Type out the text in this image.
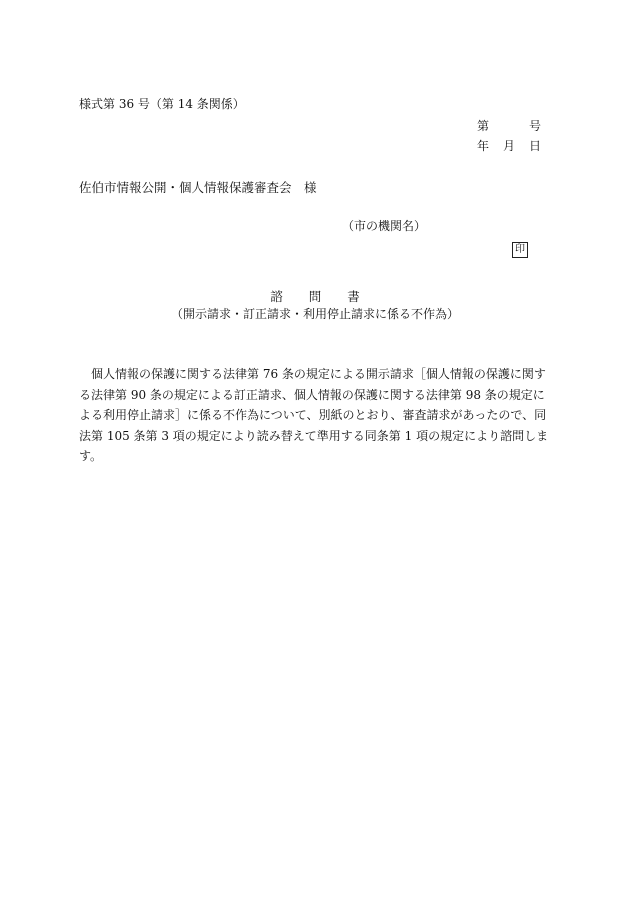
様式第 36 号（第 14 条関係）
第	号
年 月 日
佐伯市情報公開・個人情報保護審査会　様
（市の機関名）
印
諮 問 書
（開示請求・訂正請求・利用停止請求に係る不作為）

　個人情報の保護に関する法律第 76 条の規定による開示請求［個人情報の保護に関す

る法律第 90 条の規定による訂正請求、個人情報の保護に関する法律第 98 条の規定に

よる利用停止請求］に係る不作為について、別紙のとおり、審査請求があったので、同

法第 105 条第 3 項の規定により読み替えて準用する同条第 1 項の規定により諮問しま

す。
